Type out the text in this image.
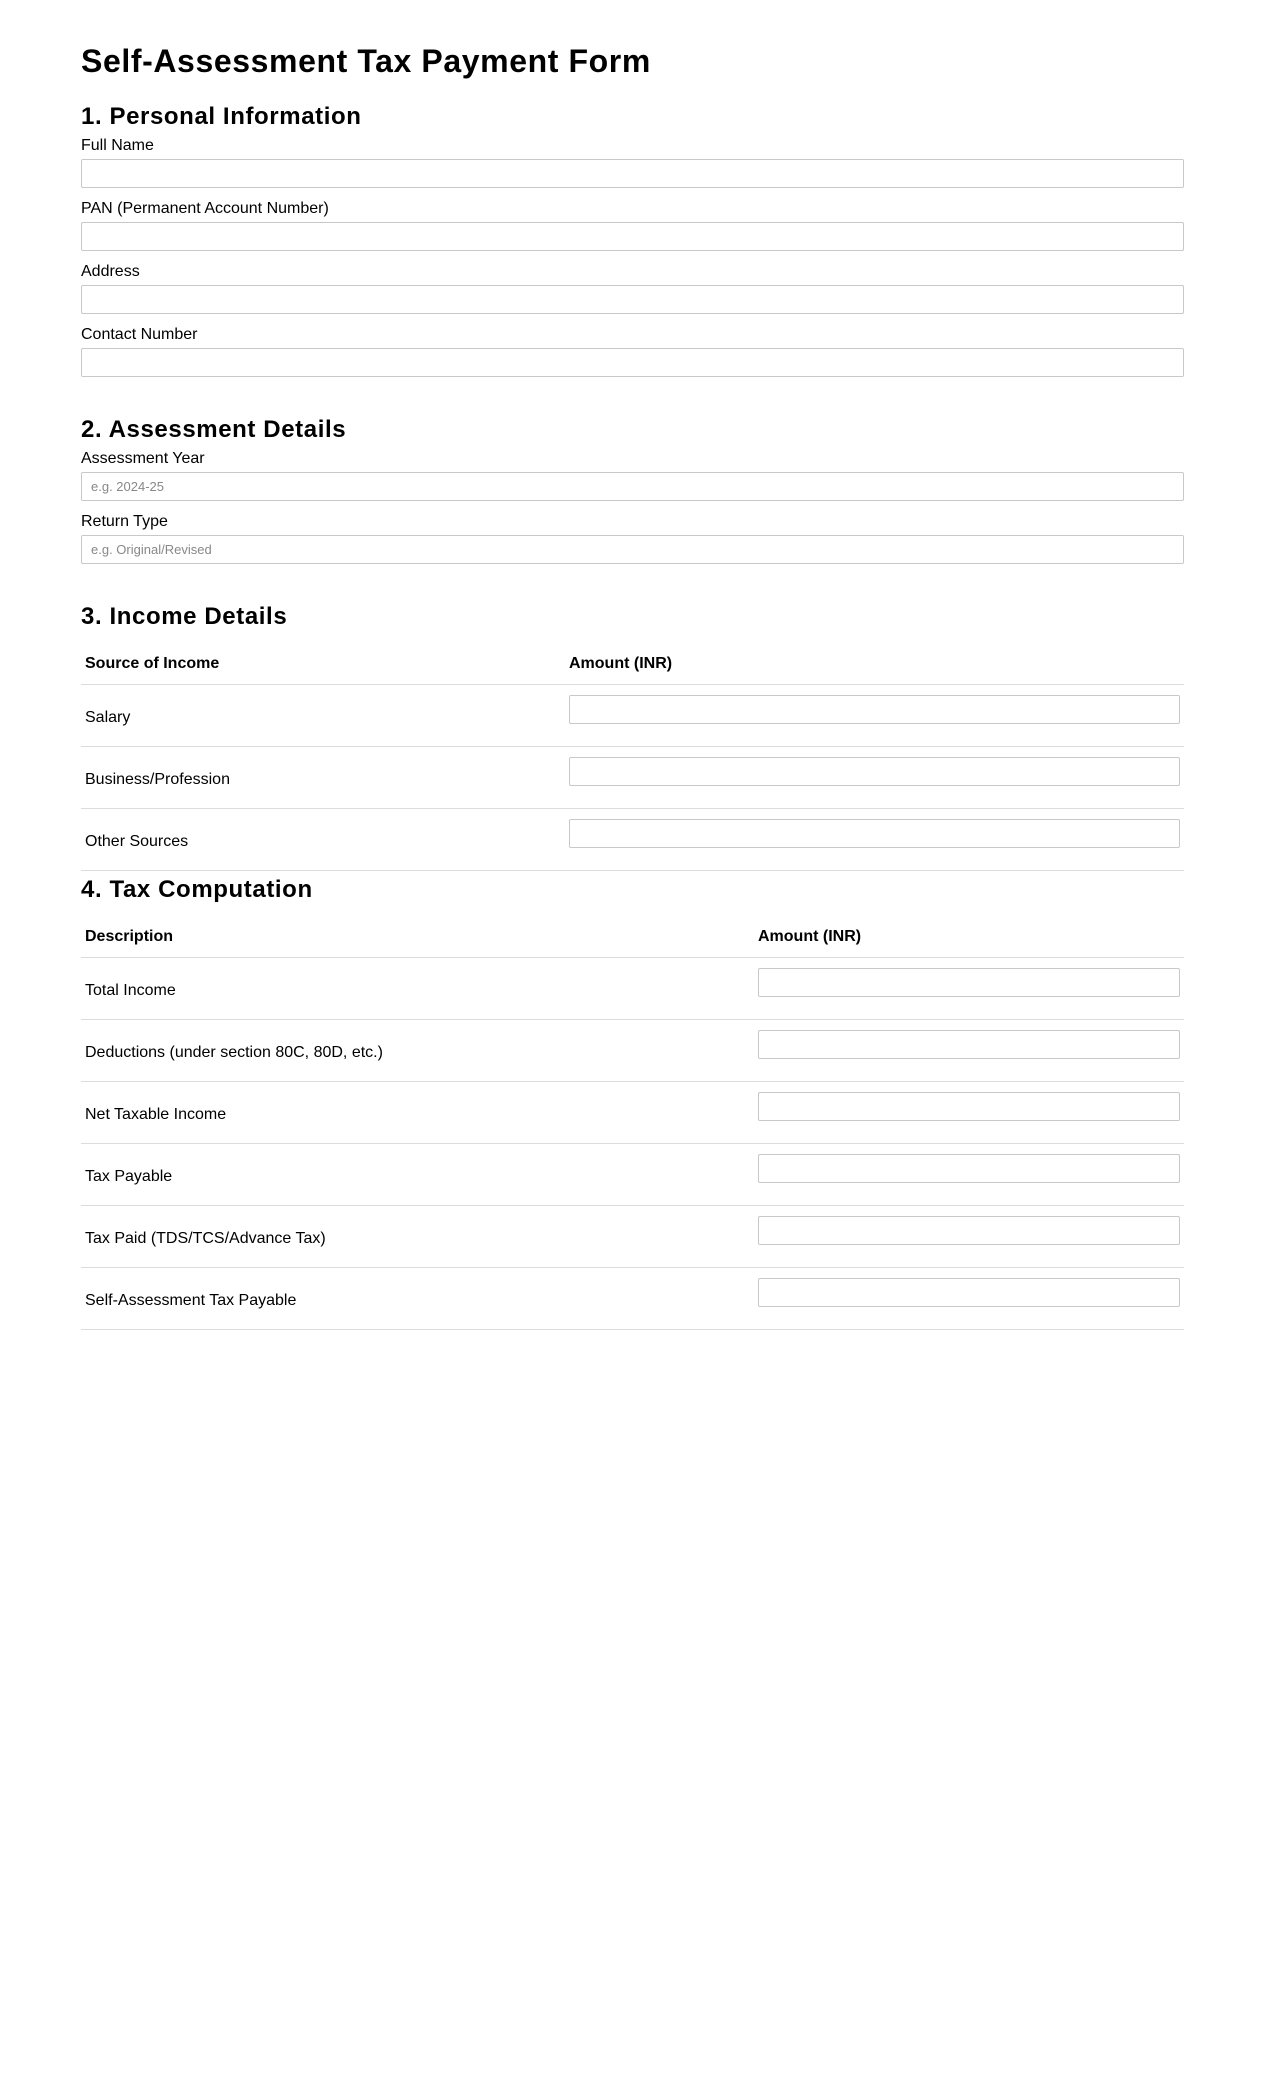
Self-Assessment Tax Payment Form
1. Personal Information
Full Name
PAN (Permanent Account Number)
Address
Contact Number
2. Assessment Details
Assessment Year
e.g. 2024-25
Return Type
e.g. Original/Revised
3. Income Details
Source of Income	Amount (INR)
Salary	

Business/Profession	

Other Sources	
4. Tax Computation
Description	Amount (INR)
Total Income	

Deductions (under section 80C, 80D, etc.)	

Net Taxable Income	

Tax Payable	

Tax Paid (TDS/TCS/Advance Tax)	

Self-Assessment Tax Payable	
